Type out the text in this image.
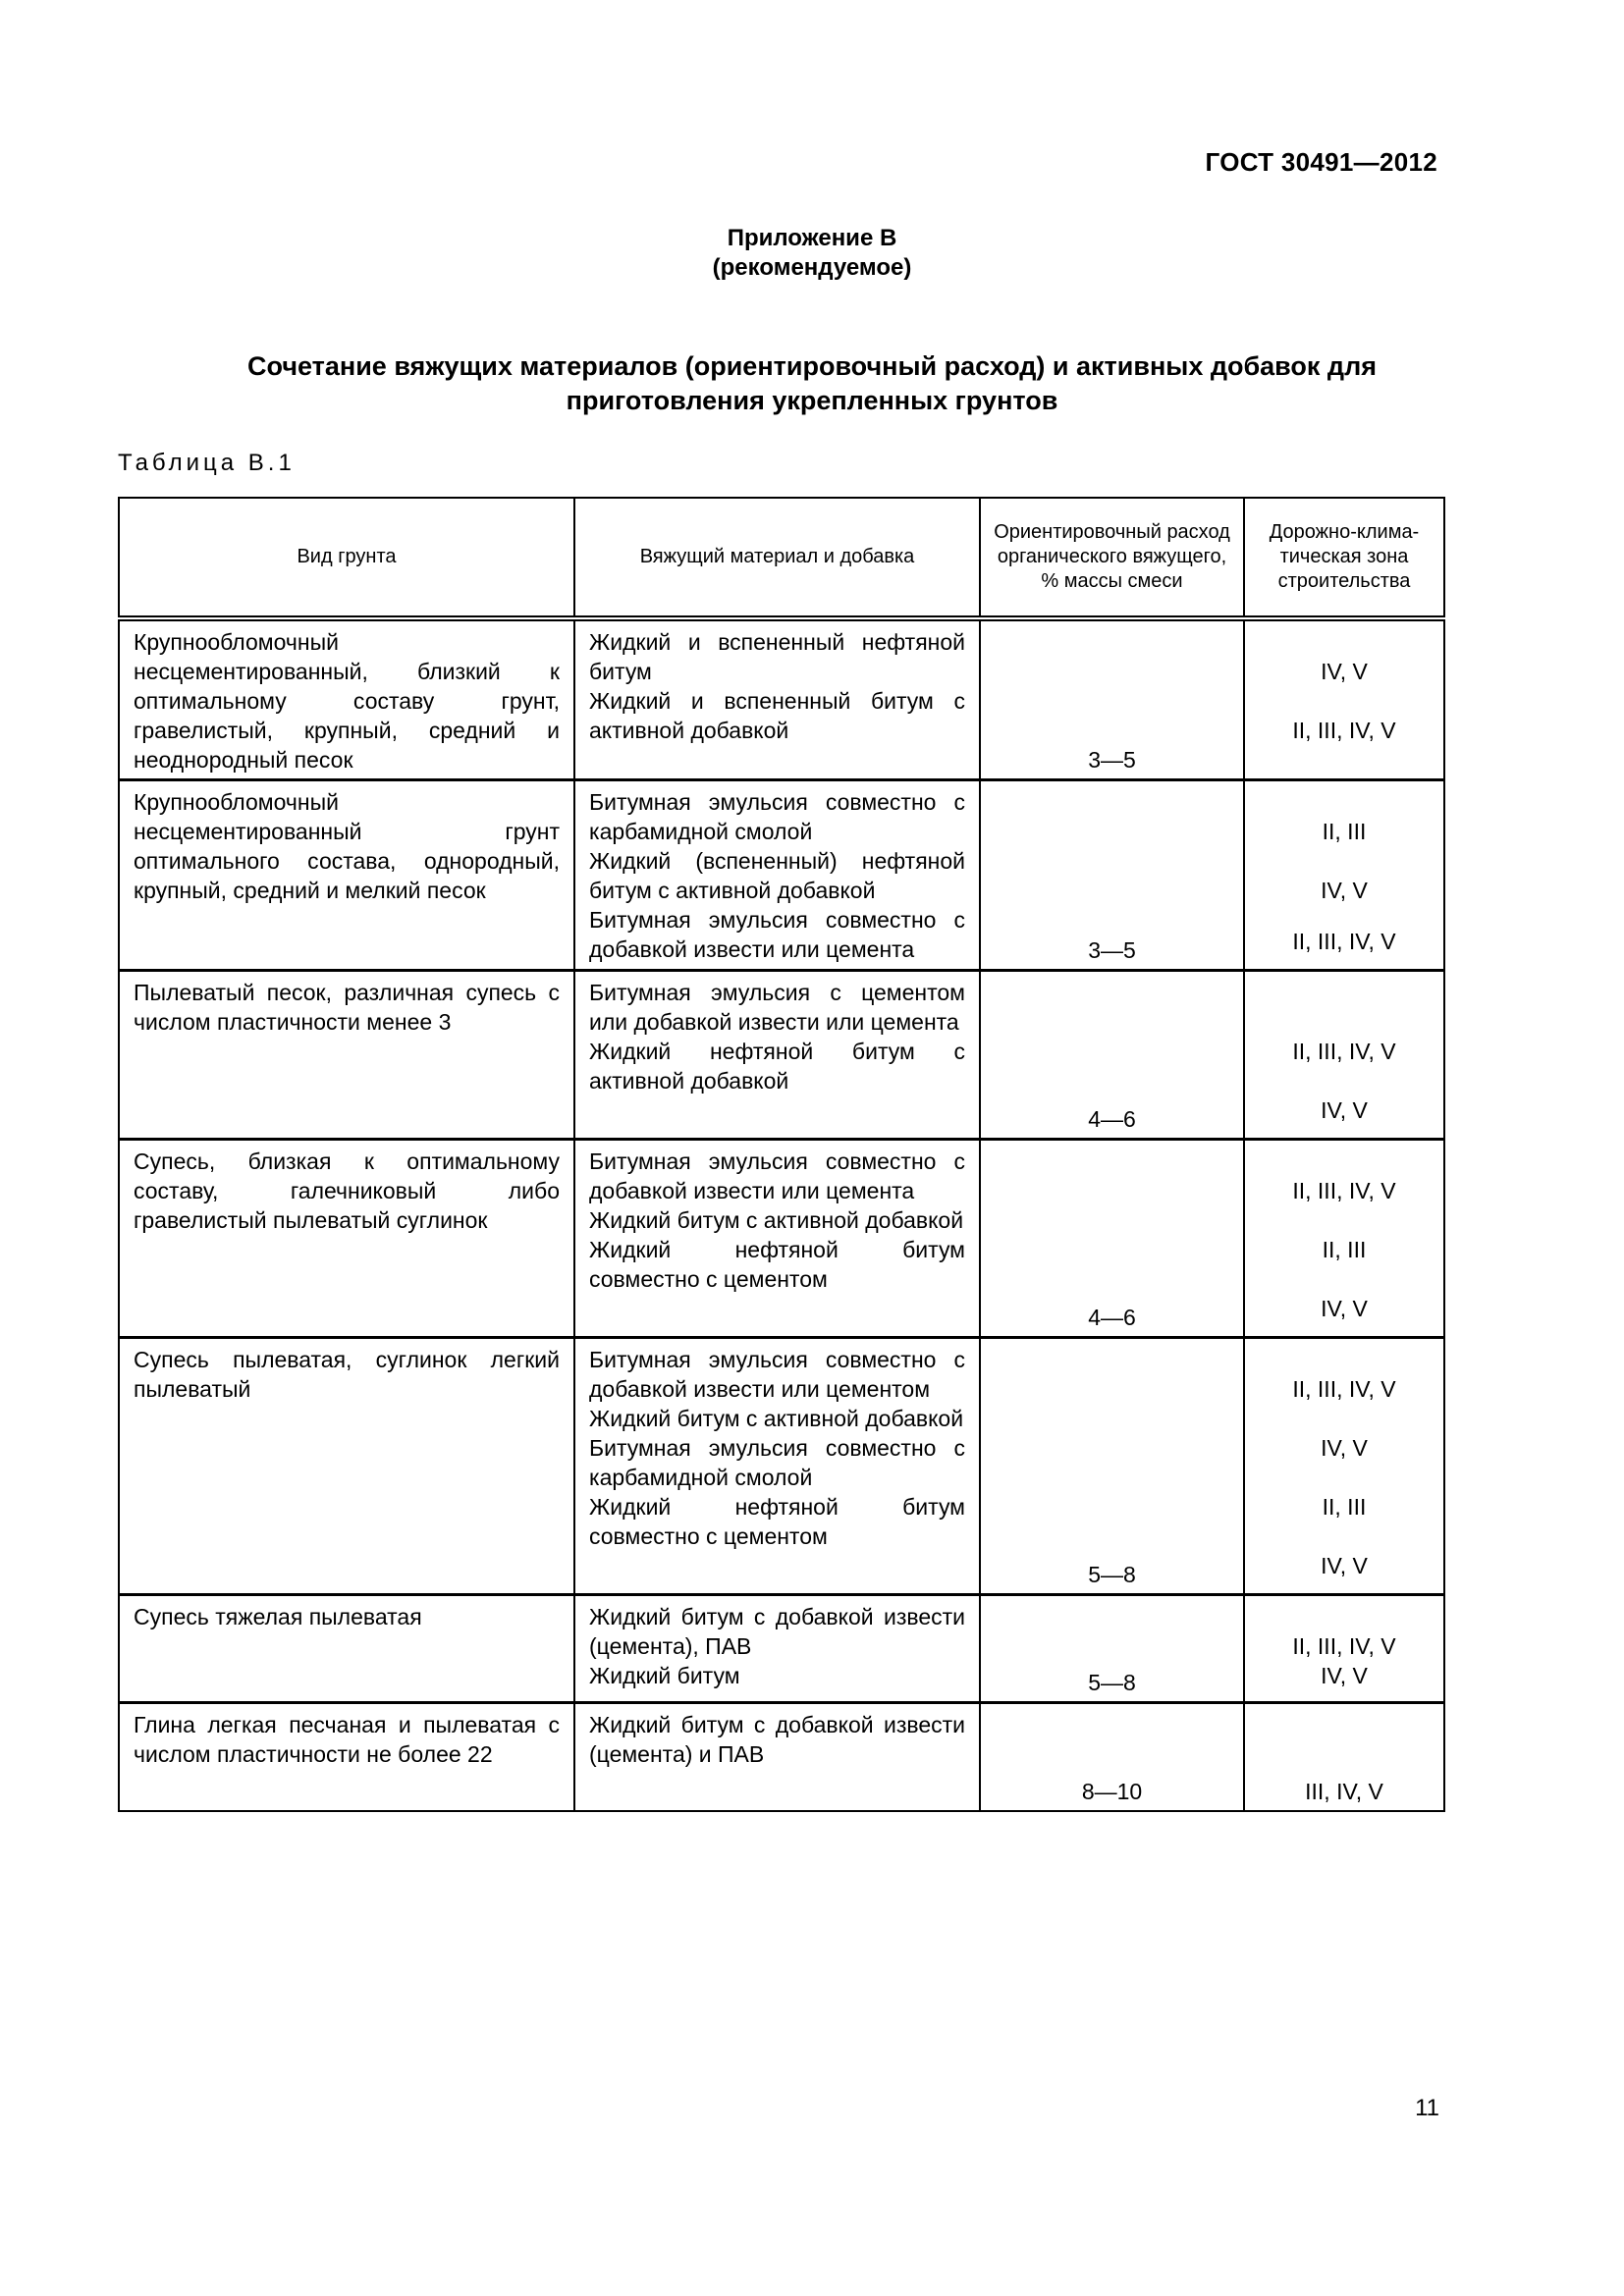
ГОСТ 30491—2012
Приложение В
(рекомендуемое)
Сочетание вяжущих материалов (ориентировочный расход) и активных добавок для приготовления укрепленных грунтов
Таблица В.1
Вид грунта	Вяжущий материал и добавка	Ориентировочный расход органического вяжущего, % массы смеси	Дорожно-клима-тическая зона строительства
Крупнообломочный несцементированный, близкий к оптимальному составу грунт, гравелистый, крупный, средний и неоднородный песок	Жидкий и вспененный нефтяной битум
Жидкий и вспененный битум с активной добавкой	3—5	IV, V
II, III, IV, V

Крупнообломочный несцементированный грунт оптимального состава, однородный, крупный, средний и мелкий песок	Битумная эмульсия совместно с карбамидной смолой
Жидкий (вспененный) нефтяной битум с активной добавкой
Битумная эмульсия совместно с добавкой извести или цемента	3—5	II, III
IV, V
II, III, IV, V

Пылеватый песок, различная супесь с числом пластичности менее 3	Битумная эмульсия с цементом или добавкой извести или цемента
Жидкий нефтяной битум с активной добавкой	4—6	II, III, IV, V
IV, V

Супесь, близкая к оптимальному составу, галечниковый либо гравелистый пылеватый суглинок	Битумная эмульсия совместно с добавкой извести или цемента
Жидкий битум с активной добавкой
Жидкий нефтяной битум совместно с цементом	4—6	II, III, IV, V
II, III
IV, V

Супесь пылеватая, суглинок легкий пылеватый	Битумная эмульсия совместно с добавкой извести или цементом
Жидкий битум с активной добавкой
Битумная эмульсия совместно с карбамидной смолой
Жидкий нефтяной битум совместно с цементом	5—8	II, III, IV, V
IV, V
II, III
IV, V

Супесь тяжелая пылеватая	Жидкий битум с добавкой извести (цемента), ПАВ
Жидкий битум	5—8	II, III, IV, V
IV, V

Глина легкая песчаная и пылеватая с числом пластичности не более 22	Жидкий битум с добавкой извести (цемента) и ПАВ	8—10	III, IV, V
11
